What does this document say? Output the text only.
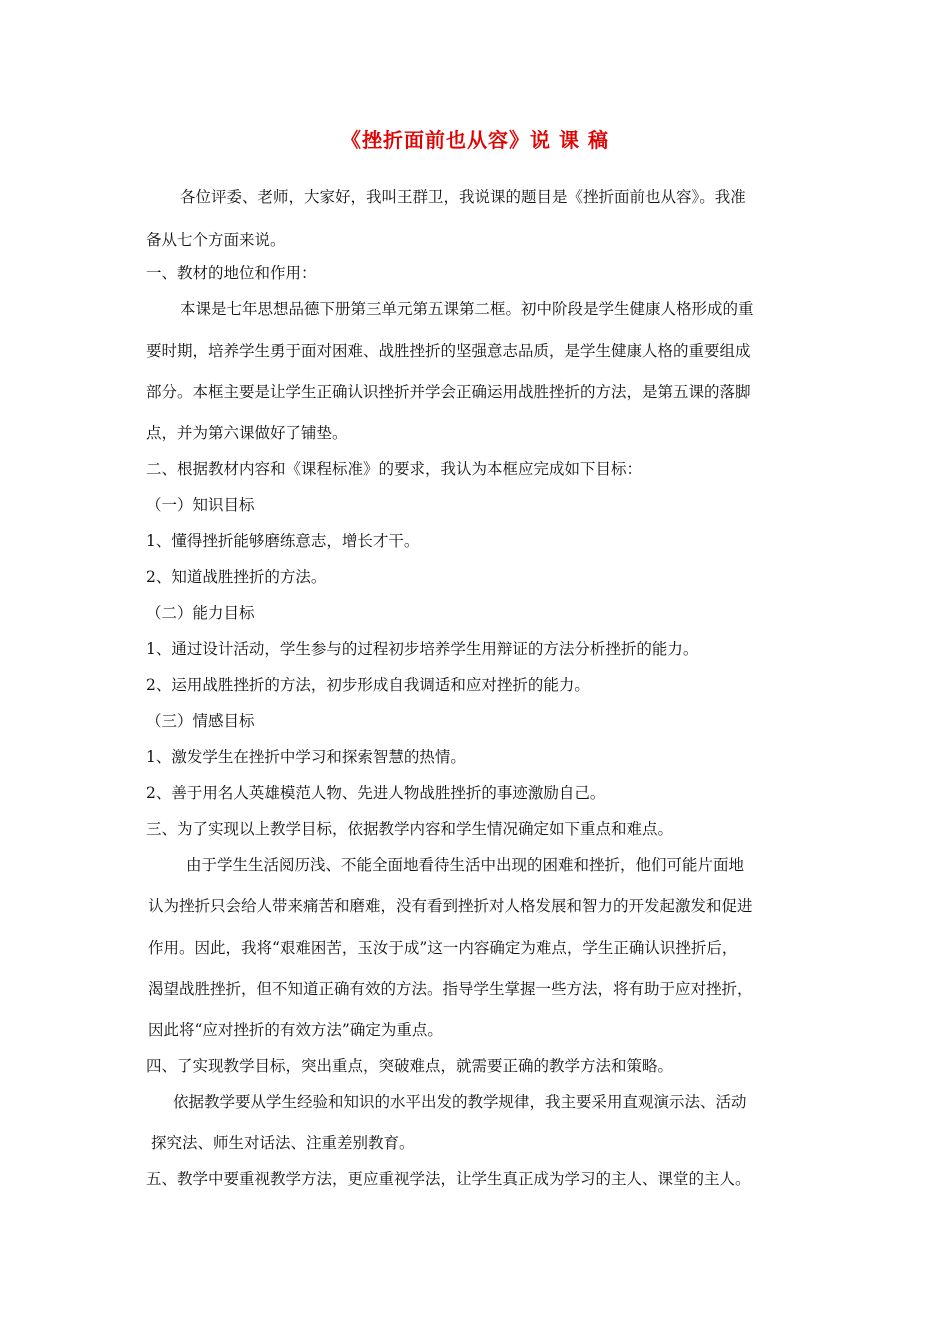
《挫折面前也从容》说 课 稿
各位评委、老师，大家好，我叫王群卫，我说课的题目是《挫折面前也从容》。我准
备从七个方面来说。
一、教材的地位和作用：
本课是七年思想品德下册第三单元第五课第二框。初中阶段是学生健康人格形成的重
要时期，培养学生勇于面对困难、战胜挫折的坚强意志品质，是学生健康人格的重要组成
部分。本框主要是让学生正确认识挫折并学会正确运用战胜挫折的方法，是第五课的落脚
点，并为第六课做好了铺垫。
二、根据教材内容和《课程标准》的要求，我认为本框应完成如下目标：
（一）知识目标
1、懂得挫折能够磨练意志，增长才干。
2、知道战胜挫折的方法。
（二）能力目标
1、通过设计活动，学生参与的过程初步培养学生用辩证的方法分析挫折的能力。
2、运用战胜挫折的方法，初步形成自我调适和应对挫折的能力。
（三）情感目标
1、激发学生在挫折中学习和探索智慧的热情。
2、善于用名人英雄模范人物、先进人物战胜挫折的事迹激励自己。
三、为了实现以上教学目标，依据教学内容和学生情况确定如下重点和难点。
由于学生生活阅历浅、不能全面地看待生活中出现的困难和挫折，他们可能片面地
认为挫折只会给人带来痛苦和磨难，没有看到挫折对人格发展和智力的开发起激发和促进
作用。因此，我将“艰难困苦，玉汝于成”这一内容确定为难点，学生正确认识挫折后，
渴望战胜挫折，但不知道正确有效的方法。指导学生掌握一些方法，将有助于应对挫折，
因此将“应对挫折的有效方法”确定为重点。
四、了实现教学目标，突出重点，突破难点，就需要正确的教学方法和策略。
依据教学要从学生经验和知识的水平出发的教学规律，我主要采用直观演示法、活动
探究法、师生对话法、注重差别教育。
五、教学中要重视教学方法，更应重视学法，让学生真正成为学习的主人、课堂的主人。
